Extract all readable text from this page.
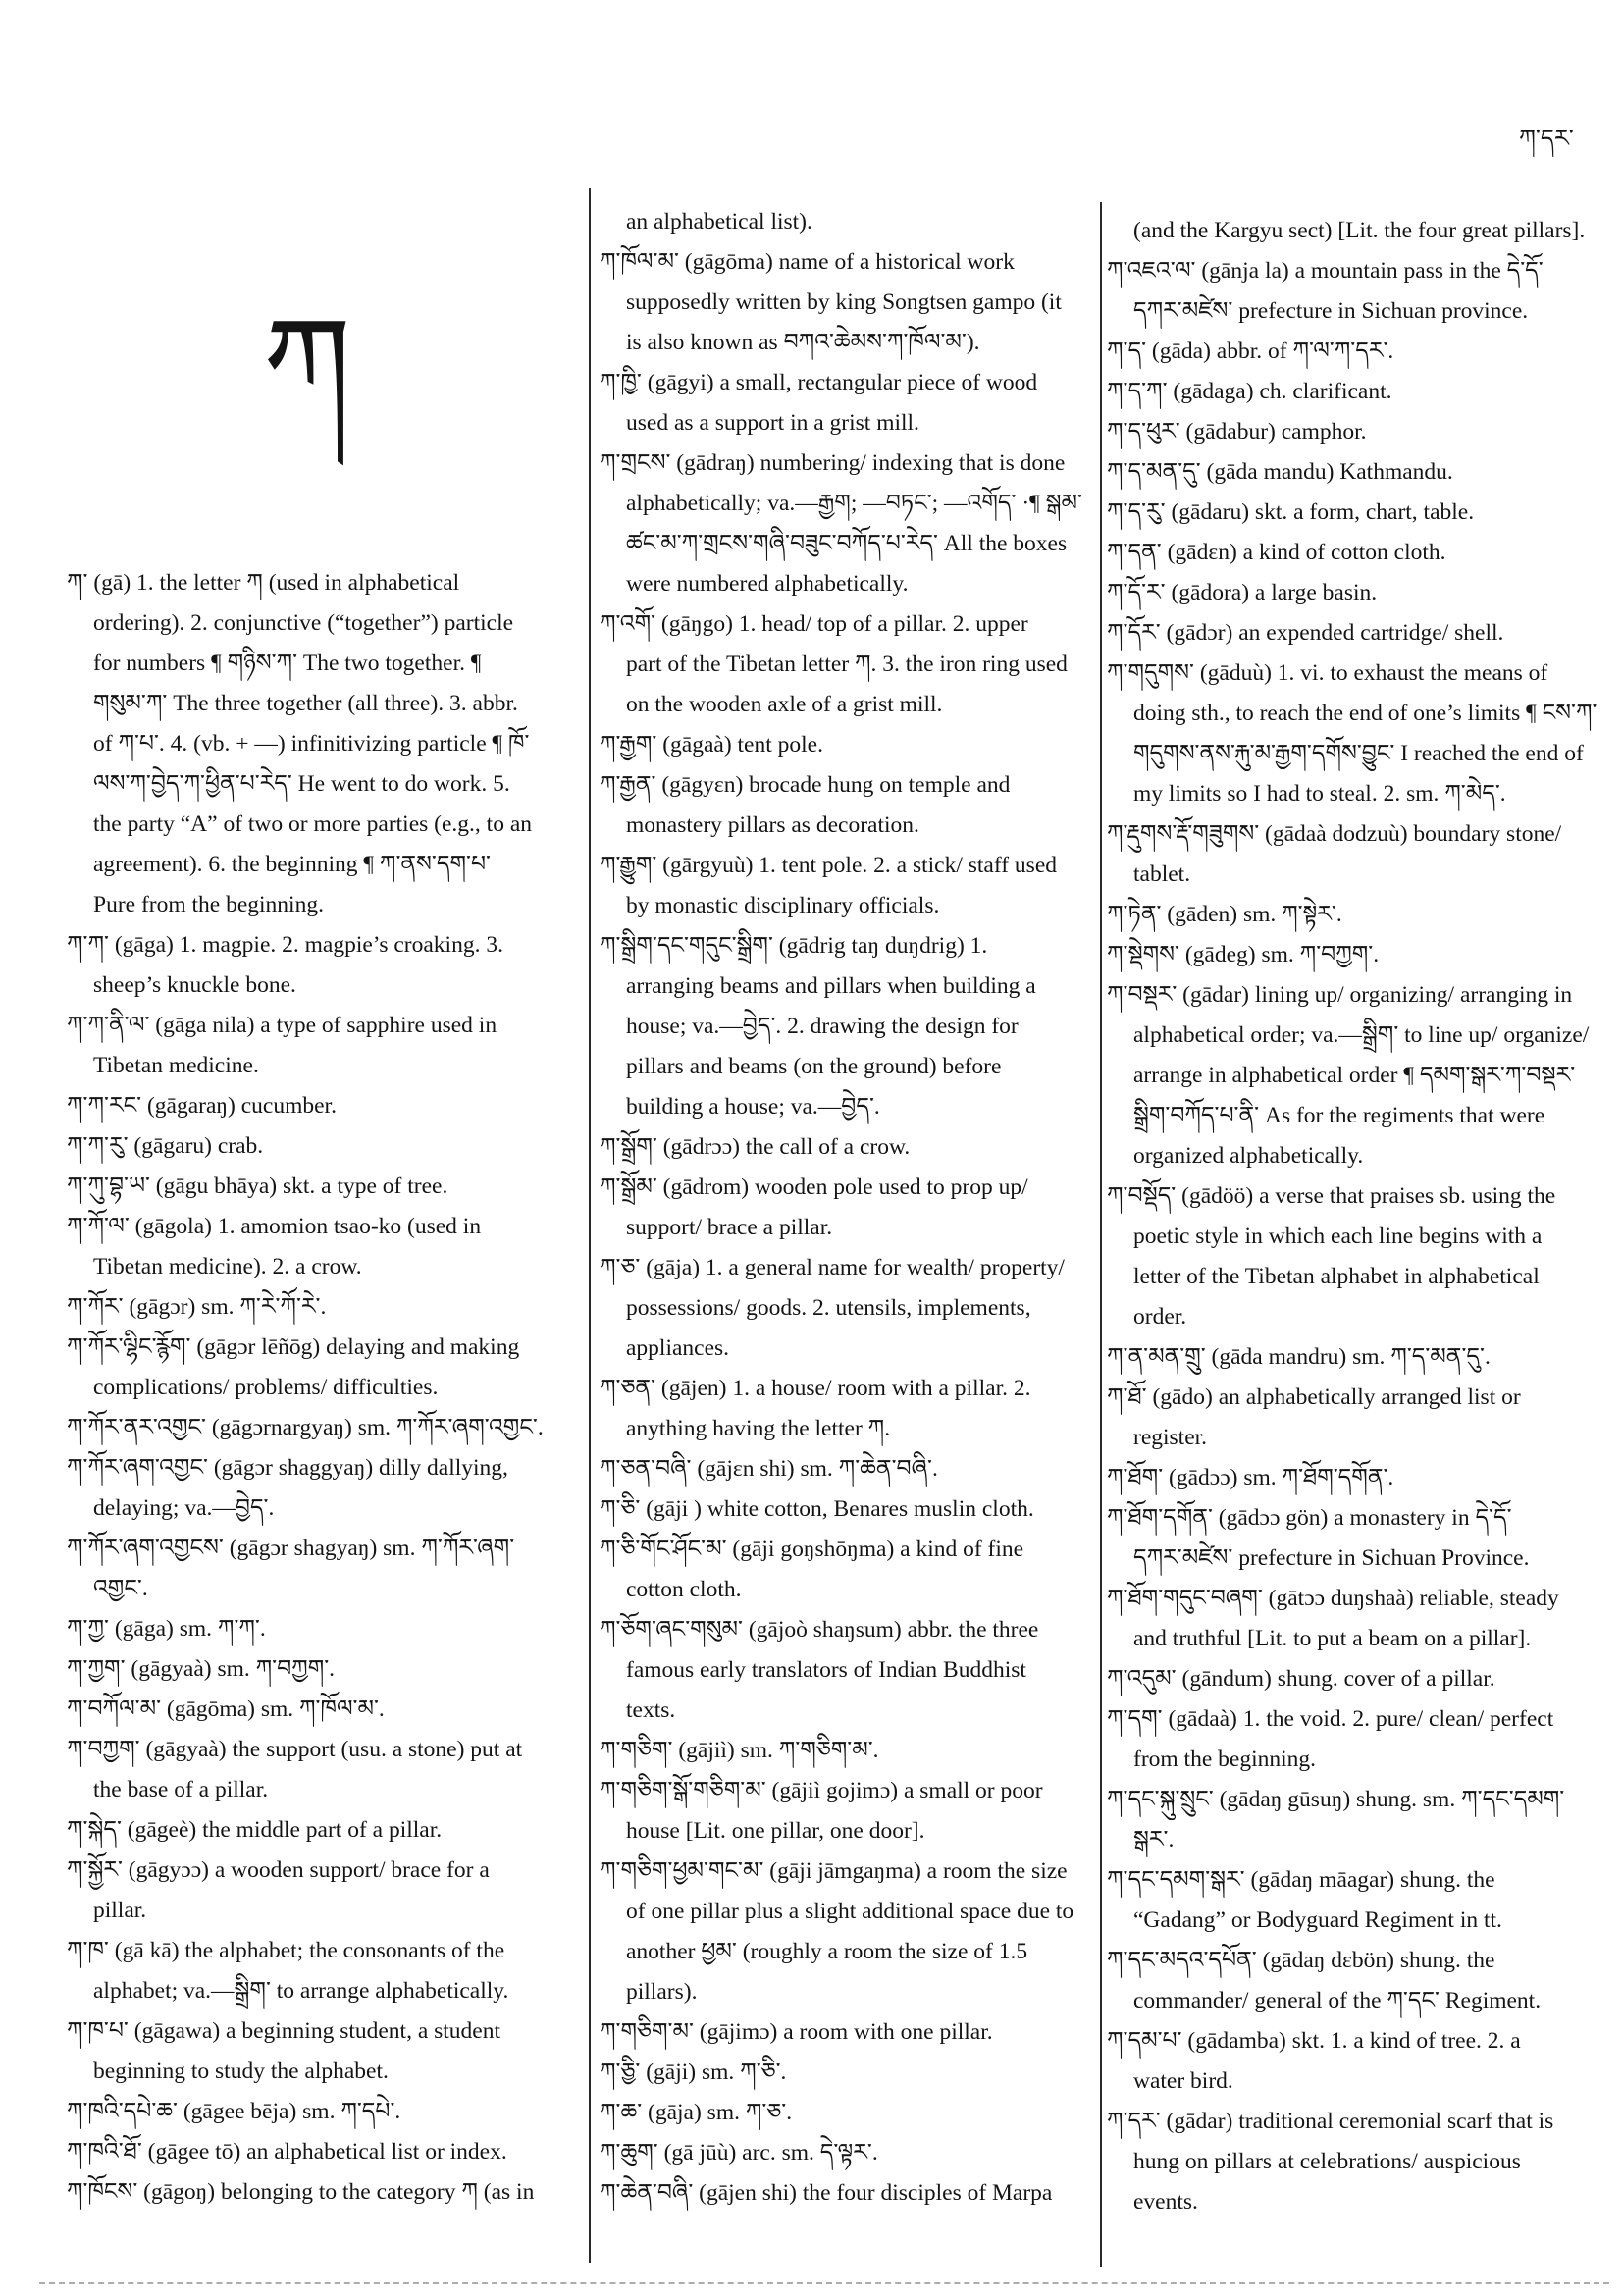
ཀ་དར་
ཀ
ཀ་ (gā) 1. the letter ཀ (used in alphabetical
ordering). 2. conjunctive (“together”) particle
for numbers ¶ གཉིས་ཀ་ The two together. ¶
གསུམ་ཀ་ The three together (all three). 3. abbr.
of ཀ་པ་. 4. (vb. + —) infinitivizing particle ¶ ཁོ་
ལས་ཀ་བྱེད་ཀ་ཕྱིན་པ་རེད་ He went to do work. 5.
the party “A” of two or more parties (e.g., to an
agreement). 6. the beginning ¶ ཀ་ནས་དག་པ་
Pure from the beginning.
ཀ་ཀ་ (gāga) 1. magpie. 2. magpie’s croaking. 3.
sheep’s knuckle bone.
ཀ་ཀ་ནི་ལ་ (gāga nila) a type of sapphire used in
Tibetan medicine.
ཀ་ཀ་རང་ (gāgaraŋ) cucumber.
ཀ་ཀ་རུ་ (gāgaru) crab.
ཀ་ཀུ་བྷ་ཡ་ (gāgu bhāya) skt. a type of tree.
ཀ་ཀོ་ལ་ (gāgola) 1. amomion tsao-ko (used in
Tibetan medicine). 2. a crow.
ཀ་ཀོར་ (gāgɔr) sm. ཀ་རེ་ཀོ་རེ་.
ཀ་ཀོར་ལྷིང་རྙོག་ (gāgɔr lēñōg) delaying and making
complications/ problems/ difficulties.
ཀ་ཀོར་ནར་འགྱང་ (gāgɔrnargyaŋ) sm. ཀ་ཀོར་ཞག་འགྱང་.
ཀ་ཀོར་ཞག་འགྱང་ (gāgɔr shaggyaŋ) dilly dallying,
delaying; va.—བྱེད་.
ཀ་ཀོར་ཞག་འགྱངས་ (gāgɔr shagyaŋ) sm. ཀ་ཀོར་ཞག་
འགྱང་.
ཀ་ཀྱ་ (gāga) sm. ཀ་ཀ་.
ཀ་ཀྱག་ (gāgyaà) sm. ཀ་བཀྱག་.
ཀ་བཀོལ་མ་ (gāgōma) sm. ཀ་ཁོལ་མ་.
ཀ་བཀྱག་ (gāgyaà) the support (usu. a stone) put at
the base of a pillar.
ཀ་སྐེད་ (gāgeè) the middle part of a pillar.
ཀ་སྐྱོར་ (gāgyɔɔ) a wooden support/ brace for a
pillar.
ཀ་ཁ་ (gā kā) the alphabet; the consonants of the
alphabet; va.—སྒྲིག་ to arrange alphabetically.
ཀ་ཁ་པ་ (gāgawa) a beginning student, a student
beginning to study the alphabet.
ཀ་ཁའི་དཔེ་ཆ་ (gāgee bēja) sm. ཀ་དཔེ་.
ཀ་ཁའི་ཐོ་ (gāgee tō) an alphabetical list or index.
ཀ་ཁོངས་ (gāgoŋ) belonging to the category ཀ (as in
an alphabetical list).
ཀ་ཁོལ་མ་ (gāgōma) name of a historical work
supposedly written by king Songtsen gampo (it
is also known as བཀའ་ཆེམས་ཀ་ཁོལ་མ་).
ཀ་ཁྱི་ (gāgyi) a small, rectangular piece of wood
used as a support in a grist mill.
ཀ་གྲངས་ (gādraŋ) numbering/ indexing that is done
alphabetically; va.—རྒྱག; —བཏང་; —འགོད་ ·¶ སྒམ་
ཚང་མ་ཀ་གྲངས་གཞི་བཟུང་བཀོད་པ་རེད་ All the boxes
were numbered alphabetically.
ཀ་འགོ་ (gāŋgo) 1. head/ top of a pillar. 2. upper
part of the Tibetan letter ཀ. 3. the iron ring used
on the wooden axle of a grist mill.
ཀ་རྒྱག་ (gāgaà) tent pole.
ཀ་རྒྱན་ (gāgyɛn) brocade hung on temple and
monastery pillars as decoration.
ཀ་རྒྱུག་ (gārgyuù) 1. tent pole. 2. a stick/ staff used
by monastic disciplinary officials.
ཀ་སྒྲིག་དང་གདུང་སྒྲིག་ (gādrig taŋ duŋdrig) 1.
arranging beams and pillars when building a
house; va.—བྱེད་. 2. drawing the design for
pillars and beams (on the ground) before
building a house; va.—བྱེད་.
ཀ་སྒྲོག་ (gādrɔɔ) the call of a crow.
ཀ་སྒྲོམ་ (gādrom) wooden pole used to prop up/
support/ brace a pillar.
ཀ་ཅ་ (gāja) 1. a general name for wealth/ property/
possessions/ goods. 2. utensils, implements,
appliances.
ཀ་ཅན་ (gājen) 1. a house/ room with a pillar. 2.
anything having the letter ཀ.
ཀ་ཅན་བཞི་ (gājɛn shi) sm. ཀ་ཆེན་བཞི་.
ཀ་ཅི་ (gāji ) white cotton, Benares muslin cloth.
ཀ་ཅི་གོང་ཤོང་མ་ (gāji goŋshōŋma) a kind of fine
cotton cloth.
ཀ་ཅོག་ཞང་གསུམ་ (gājoò shaŋsum) abbr. the three
famous early translators of Indian Buddhist
texts.
ཀ་གཅིག་ (gājiì) sm. ཀ་གཅིག་མ་.
ཀ་གཅིག་སྒོ་གཅིག་མ་ (gājiì gojimɔ) a small or poor
house [Lit. one pillar, one door].
ཀ་གཅིག་ཕྱམ་གང་མ་ (gāji jāmgaŋma) a room the size
of one pillar plus a slight additional space due to
another ཕྱམ་ (roughly a room the size of 1.5
pillars).
ཀ་གཅིག་མ་ (gājimɔ) a room with one pillar.
ཀ་ཅྱི་ (gāji) sm. ཀ་ཅི་.
ཀ་ཆ་ (gāja) sm. ཀ་ཅ་.
ཀ་ཆུག་ (gā jūù) arc. sm. དེ་ལྟར་.
ཀ་ཆེན་བཞི་ (gājen shi) the four disciples of Marpa
(and the Kargyu sect) [Lit. the four great pillars].
ཀ་འཇའ་ལ་ (gānja la) a mountain pass in the དེ་དོ་
དཀར་མཛེས་ prefecture in Sichuan province.
ཀ་ད་ (gāda) abbr. of ཀ་ལ་ཀ་དར་.
ཀ་ད་ཀ་ (gādaga) ch. clarificant.
ཀ་ད་ཕུར་ (gādabur) camphor.
ཀ་ད་མན་དུ་ (gāda mandu) Kathmandu.
ཀ་ད་རུ་ (gādaru) skt. a form, chart, table.
ཀ་དན་ (gādɛn) a kind of cotton cloth.
ཀ་དོ་ར་ (gādora) a large basin.
ཀ་དོར་ (gādɔr) an expended cartridge/ shell.
ཀ་གདུགས་ (gāduù) 1. vi. to exhaust the means of
doing sth., to reach the end of one’s limits ¶ ངས་ཀ་
གདུགས་ནས་རྐུ་མ་རྒྱག་དགོས་བྱུང་ I reached the end of
my limits so I had to steal. 2. sm. ཀ་མེད་.
ཀ་རྡུགས་རྡོ་གཟུགས་ (gādaà dodzuù) boundary stone/
tablet.
ཀ་ཏེན་ (gāden) sm. ཀ་སྟེར་.
ཀ་སྡེགས་ (gādeg) sm. ཀ་བཀྱག་.
ཀ་བསྡར་ (gādar) lining up/ organizing/ arranging in
alphabetical order; va.—སྒྲིག་ to line up/ organize/
arrange in alphabetical order ¶ དམག་སྒར་ཀ་བསྡར་
སྒྲིག་བཀོད་པ་ནི་ As for the regiments that were
organized alphabetically.
ཀ་བསྡོད་ (gādöö) a verse that praises sb. using the
poetic style in which each line begins with a
letter of the Tibetan alphabet in alphabetical
order.
ཀ་ན་མན་གྲུ་ (gāda mandru) sm. ཀ་ད་མན་དུ་.
ཀ་ཐོ་ (gādo) an alphabetically arranged list or
register.
ཀ་ཐོག་ (gādɔɔ) sm. ཀ་ཐོག་དགོན་.
ཀ་ཐོག་དགོན་ (gādɔɔ gön) a monastery in དེ་དོ་
དཀར་མཛེས་ prefecture in Sichuan Province.
ཀ་ཐོག་གདུང་བཞག་ (gātɔɔ duŋshaà) reliable, steady
and truthful [Lit. to put a beam on a pillar].
ཀ་འདུམ་ (gāndum) shung. cover of a pillar.
ཀ་དག་ (gādaà) 1. the void. 2. pure/ clean/ perfect
from the beginning.
ཀ་དང་སྐུ་སྲུང་ (gādaŋ gūsuŋ) shung. sm. ཀ་དང་དམག་
སྒར་.
ཀ་དང་དམག་སྒར་ (gādaŋ māagar) shung. the
“Gadang” or Bodyguard Regiment in tt.
ཀ་དང་མདའ་དཔོན་ (gādaŋ dɛbön) shung. the
commander/ general of the ཀ་དང་ Regiment.
ཀ་དམ་པ་ (gādamba) skt. 1. a kind of tree. 2. a
water bird.
ཀ་དར་ (gādar) traditional ceremonial scarf that is
hung on pillars at celebrations/ auspicious
events.
